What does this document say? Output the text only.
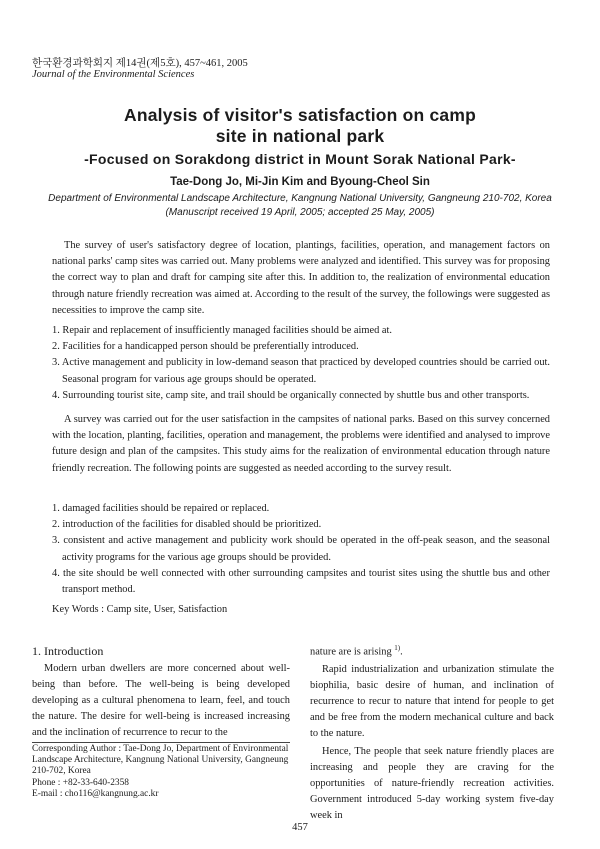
한국환경과학회지 제14권(제5호), 457~461, 2005
Journal of the Environmental Sciences
Analysis of visitor's satisfaction on camp
site in national park
-Focused on Sorakdong district in Mount Sorak National Park-
Tae-Dong Jo, Mi-Jin Kim and Byoung-Cheol Sin
Department of Environmental Landscape Architecture, Kangnung National University, Gangneung 210-702, Korea
(Manuscript received 19 April, 2005; accepted 25 May, 2005)
The survey of user's satisfactory degree of location, plantings, facilities, operation, and management factors on national parks' camp sites was carried out. Many problems were analyzed and identified. This survey was for proposing the correct way to plan and draft for camping site after this. In addition to, the realization of environmental education through nature friendly recreation was aimed at. According to the result of the survey, the followings were suggested as necessities to improve the camp site.
1. Repair and replacement of insufficiently managed facilities should be aimed at.
2. Facilities for a handicapped person should be preferentially introduced.
3. Active management and publicity in low-demand season that practiced by developed countries should be carried out. Seasonal program for various age groups should be operated.
4. Surrounding tourist site, camp site, and trail should be organically connected by shuttle bus and other transports.
A survey was carried out for the user satisfaction in the campsites of national parks. Based on this survey concerned with the location, planting, facilities, operation and management, the problems were identified and analysed to improve future design and plan of the campsites. This study aims for the realization of environmental education through nature friendly recreation. The following points are suggested as needed according to the survey result.
1. damaged facilities should be repaired or replaced.
2. introduction of the facilities for disabled should be prioritized.
3. consistent and active management and publicity work should be operated in the off-peak season, and the seasonal activity programs for the various age groups should be provided.
4. the site should be well connected with other surrounding campsites and tourist sites using the shuttle bus and other transport method.
Key Words : Camp site, User, Satisfaction
1. Introduction

Modern urban dwellers are more concerned about well-being than before. The well-being is being developed developing as a cultural phenomena to learn, feel, and touch the nature. The desire for well-being is increased increasing and the inclination of recurrence to recur to the

nature are is arising $^{1)}$.

Rapid industrialization and urbanization stimulate the biophilia, basic desire of human, and inclination of recurrence to recur to nature that intend for people to get and be free from the modern mechanical culture and back to the nature.

Hence, The people that seek nature friendly places are increasing and people they are craving for the opportunities of nature-friendly recreation activities. Government introduced 5-day working system five-day week in

Corresponding Author : Tae-Dong Jo, Department of Environmental Landscape Architecture, Kangnung National University, Gangneung 210-702, Korea
Phone : +82-33-640-2358
E-mail : cho116@kangnung.ac.kr
457
